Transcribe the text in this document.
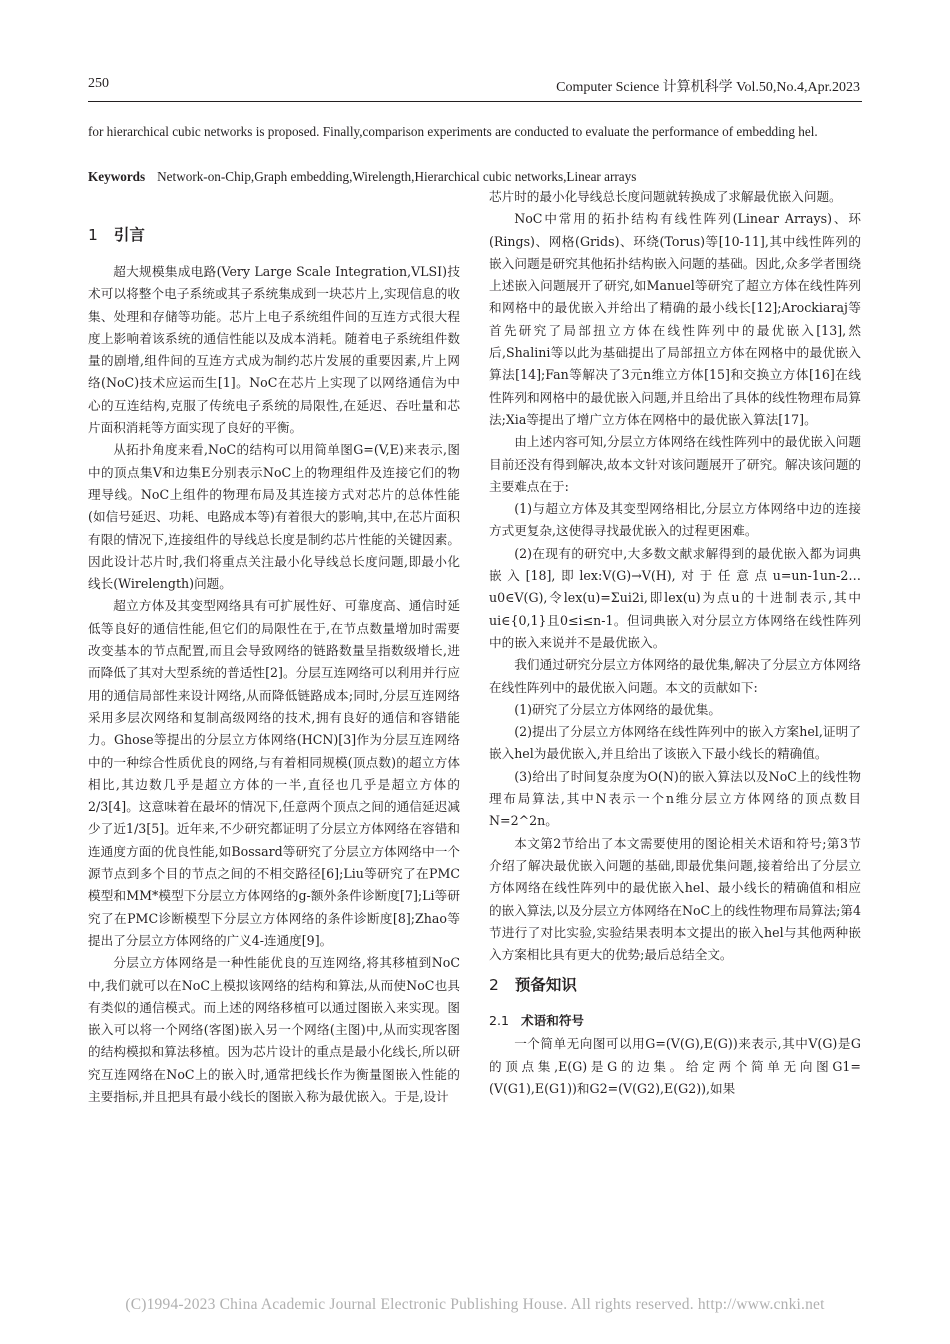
250	Computer Science 计算机科学 Vol.50,No.4,Apr.2023
for hierarchical cubic networks is proposed. Finally,comparison experiments are conducted to evaluate the performance of embedding hel.
Keywords Network-on-Chip,Graph embedding,Wirelength,Hierarchical cubic networks,Linear arrays
1 引言

超大规模集成电路(Very Large Scale Integration,VLSI)技术可以将整个电子系统或其子系统集成到一块芯片上,实现信息的收集、处理和存储等功能。芯片上电子系统组件间的互连方式很大程度上影响着该系统的通信性能以及成本消耗。随着电子系统组件数量的剧增,组件间的互连方式成为制约芯片发展的重要因素,片上网络(NoC)技术应运而生[1]。NoC在芯片上实现了以网络通信为中心的互连结构,克服了传统电子系统的局限性,在延迟、吞吐量和芯片面积消耗等方面实现了良好的平衡。

从拓扑角度来看,NoC的结构可以用简单图G=(V,E)来表示,图中的顶点集V和边集E分别表示NoC上的物理组件及连接它们的物理导线。NoC上组件的物理布局及其连接方式对芯片的总体性能(如信号延迟、功耗、电路成本等)有着很大的影响,其中,在芯片面积有限的情况下,连接组件的导线总长度是制约芯片性能的关键因素。因此设计芯片时,我们将重点关注最小化导线总长度问题,即最小化线长(Wirelength)问题。

超立方体及其变型网络具有可扩展性好、可靠度高、通信时延低等良好的通信性能,但它们的局限性在于,在节点数量增加时需要改变基本的节点配置,而且会导致网络的链路数量呈指数级增长,进而降低了其对大型系统的普适性[2]。分层互连网络可以利用并行应用的通信局部性来设计网络,从而降低链路成本;同时,分层互连网络采用多层次网络和复制高级网络的技术,拥有良好的通信和容错能力。Ghose等提出的分层立方体网络(HCN)[3]作为分层互连网络中的一种综合性质优良的网络,与有着相同规模(顶点数)的超立方体相比,其边数几乎是超立方体的一半,直径也几乎是超立方体的2/3[4]。这意味着在最坏的情况下,任意两个顶点之间的通信延迟减少了近1/3[5]。近年来,不少研究都证明了分层立方体网络在容错和连通度方面的优良性能,如Bossard等研究了分层立方体网络中一个源节点到多个目的节点之间的不相交路径[6];Liu等研究了在PMC模型和MM*模型下分层立方体网络的g-额外条件诊断度[7];Li等研究了在PMC诊断模型下分层立方体网络的条件诊断度[8];Zhao等提出了分层立方体网络的广义4-连通度[9]。

分层立方体网络是一种性能优良的互连网络,将其移植到NoC中,我们就可以在NoC上模拟该网络的结构和算法,从而使NoC也具有类似的通信模式。而上述的网络移植可以通过图嵌入来实现。图嵌入可以将一个网络(客图)嵌入另一个网络(主图)中,从而实现客图的结构模拟和算法移植。因为芯片设计的重点是最小化线长,所以研究互连网络在NoC上的嵌入时,通常把线长作为衡量图嵌入性能的主要指标,并且把具有最小线长的图嵌入称为最优嵌入。于是,设计

芯片时的最小化导线总长度问题就转换成了求解最优嵌入问题。

NoC中常用的拓扑结构有线性阵列(Linear Arrays)、环(Rings)、网格(Grids)、环绕(Torus)等[10-11],其中线性阵列的嵌入问题是研究其他拓扑结构嵌入问题的基础。因此,众多学者围绕上述嵌入问题展开了研究,如Manuel等研究了超立方体在线性阵列和网格中的最优嵌入并给出了精确的最小线长[12];Arockiaraj等首先研究了局部扭立方体在线性阵列中的最优嵌入[13],然后,Shalini等以此为基础提出了局部扭立方体在网格中的最优嵌入算法[14];Fan等解决了3元n维立方体[15]和交换立方体[16]在线性阵列和网格中的最优嵌入问题,并且给出了具体的线性物理布局算法;Xia等提出了增广立方体在网格中的最优嵌入算法[17]。

由上述内容可知,分层立方体网络在线性阵列中的最优嵌入问题目前还没有得到解决,故本文针对该问题展开了研究。解决该问题的主要难点在于:

(1)与超立方体及其变型网络相比,分层立方体网络中边的连接方式更复杂,这使得寻找最优嵌入的过程更困难。

(2)在现有的研究中,大多数文献求解得到的最优嵌入都为词典嵌入[18],即lex:V(G)→V(H),对于任意点u=un-1un-2…u0∈V(G),令lex(u)=Σui2i,即lex(u)为点u的十进制表示,其中ui∈{0,1}且0≤i≤n-1。但词典嵌入对分层立方体网络在线性阵列中的嵌入来说并不是最优嵌入。

我们通过研究分层立方体网络的最优集,解决了分层立方体网络在线性阵列中的最优嵌入问题。本文的贡献如下:

(1)研究了分层立方体网络的最优集。

(2)提出了分层立方体网络在线性阵列中的嵌入方案hel,证明了嵌入hel为最优嵌入,并且给出了该嵌入下最小线长的精确值。

(3)给出了时间复杂度为O(N)的嵌入算法以及NoC上的线性物理布局算法,其中N表示一个n维分层立方体网络的顶点数目N=2^2n。

本文第2节给出了本文需要使用的图论相关术语和符号;第3节介绍了解决最优嵌入问题的基础,即最优集问题,接着给出了分层立方体网络在线性阵列中的最优嵌入hel、最小线长的精确值和相应的嵌入算法,以及分层立方体网络在NoC上的线性物理布局算法;第4节进行了对比实验,实验结果表明本文提出的嵌入hel与其他两种嵌入方案相比具有更大的优势;最后总结全文。

2 预备知识
2.1 术语和符号

一个简单无向图可以用G=(V(G),E(G))来表示,其中V(G)是G的顶点集,E(G)是G的边集。给定两个简单无向图G1=(V(G1),E(G1))和G2=(V(G2),E(G2)),如果

(C)1994-2023 China Academic Journal Electronic Publishing House. All rights reserved. http://www.cnki.net
